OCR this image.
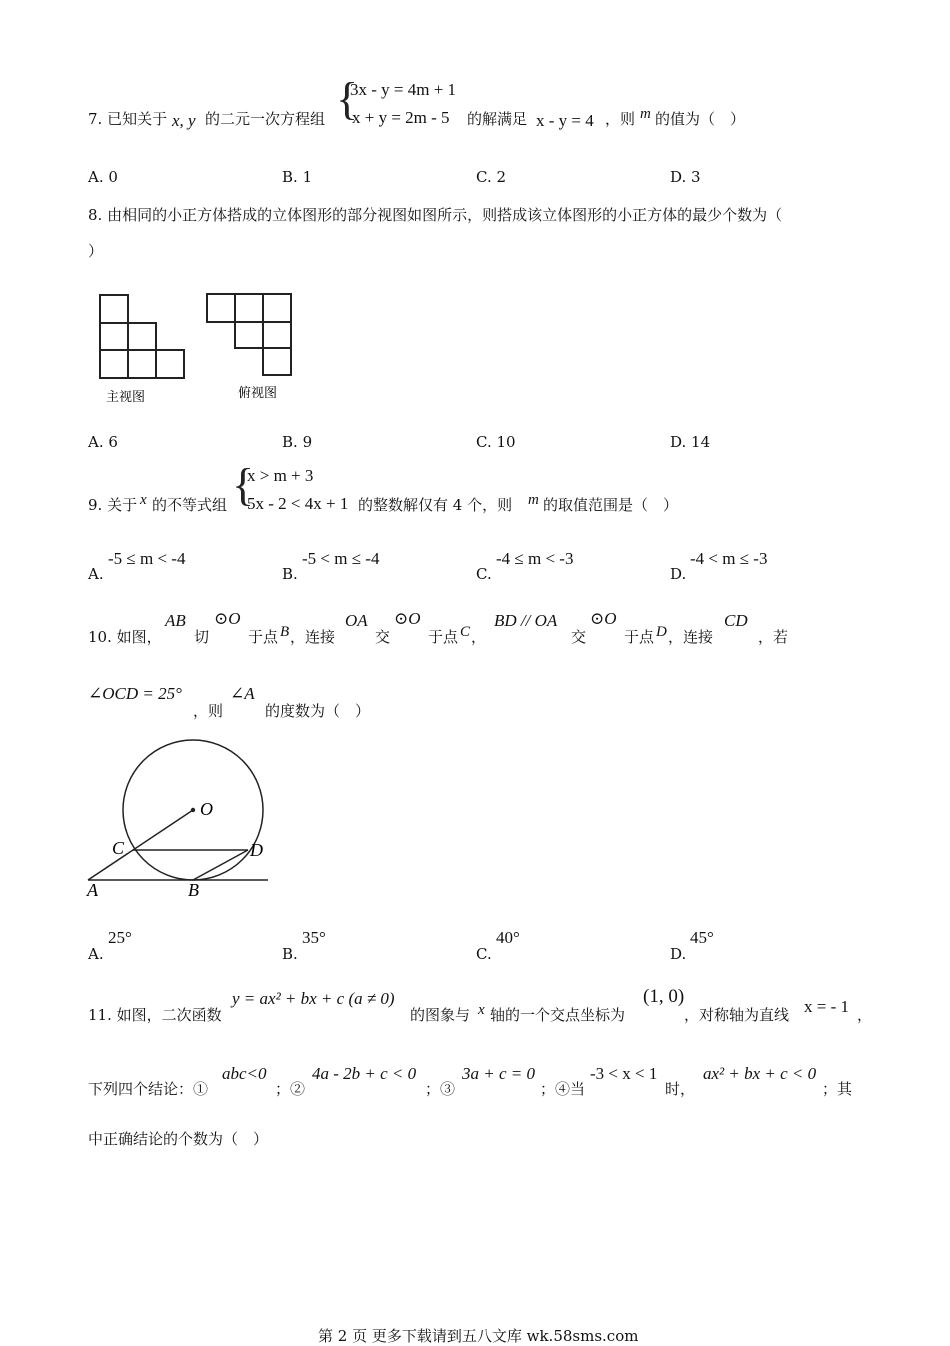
7. 已知关于 x, y 的二元一次方程组 {
3x - y = 4m + 1
x + y = 2m - 5 的解满足 x - y = 4 ，则 m 的值为（　）
A. 0	B. 1	C. 2	D. 3
8. 由相同的小正方体搭成的立体图形的部分视图如图所示，则搭成该立体图形的小正方体的最少个数为（
）
主视图	俯视图
A. 6	B. 9	C. 10	D. 14
9. 关于 x 的不等式组 {
x > m + 3
5x - 2 < 4x + 1 的整数解仅有 4 个，则 m 的取值范围是（　）
A.
-5 ≤ m < -4
B.
-5 < m ≤ -4
C.
-4 ≤ m < -3
D.
-4 < m ≤ -3
10. 如图，
AB
切
⊙O
于点 B ，连接
OA
交
⊙O
于点 C ，
BD // OA
交
⊙O
于点 D ，连接
CD
，若
∠OCD = 25°
，则
∠A
的度数为（　）
O
C	D
A	B
A.
25°
B.
35°
C.
40°
D.
45°
11. 如图，二次函数
y = ax² + bx + c (a ≠ 0)
的图象与 x 轴的一个交点坐标为
(1, 0)
，对称轴为直线 x = - 1 ，
下列四个结论：①
abc<0
；②
4a - 2b + c < 0
；③
3a + c = 0
；④当
-3 < x < 1
时，
ax² + bx + c < 0
；其
中正确结论的个数为（　）
第 2 页 更多下载请到五八文库 wk.58sms.com
